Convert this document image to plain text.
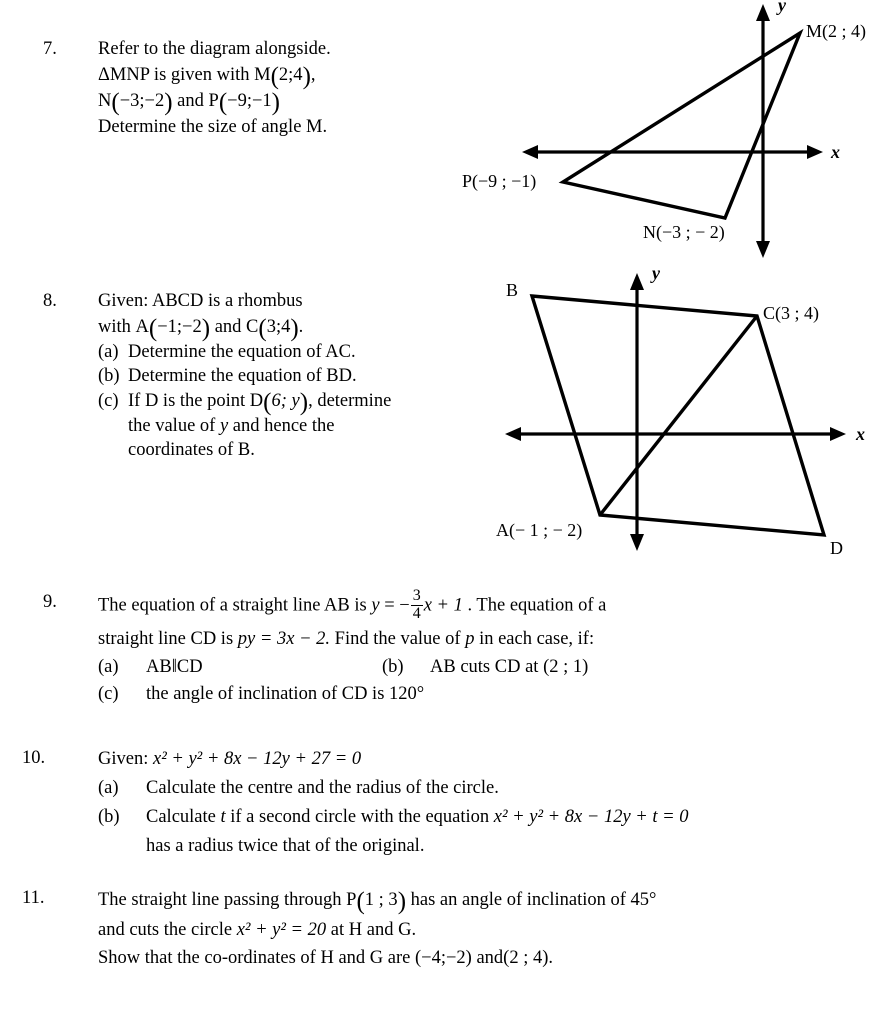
7.	Refer to the diagram alongside.
ΔMNP is given with M(2;4),
N(−3;−2) and P(−9;−1)
Determine the size of angle M.
x
y
M(2 ; 4)
N(−3 ; − 2)
P(−9 ; −1)
8.	Given: ABCD is a rhombus
with A(−1;−2) and C(3;4).
(a) Determine the equation of AC.
(b) Determine the equation of BD.
(c) If D is the point D(6; y), determine
the value of y and hence the
coordinates of B.
x
y
B
C(3 ; 4)
A(− 1 ; − 2)
D
9.	The equation of a straight line AB is y = − $\frac{3}{4}$ x + 1 . The equation of a
straight line CD is py = 3x − 2. Find the value of p in each case, if:
(a) AB‖CD	(b) AB cuts CD at (2 ; 1)
(c) the angle of inclination of CD is 120°
10.	Given: x² + y² + 8x − 12y + 27 = 0
(a) Calculate the centre and the radius of the circle.
(b) Calculate t if a second circle with the equation x² + y² + 8x − 12y + t = 0
has a radius twice that of the original.
11.	The straight line passing through P(1 ; 3) has an angle of inclination of 45°
and cuts the circle x² + y² = 20 at H and G.
Show that the co-ordinates of H and G are (−4;−2) and(2 ; 4).
